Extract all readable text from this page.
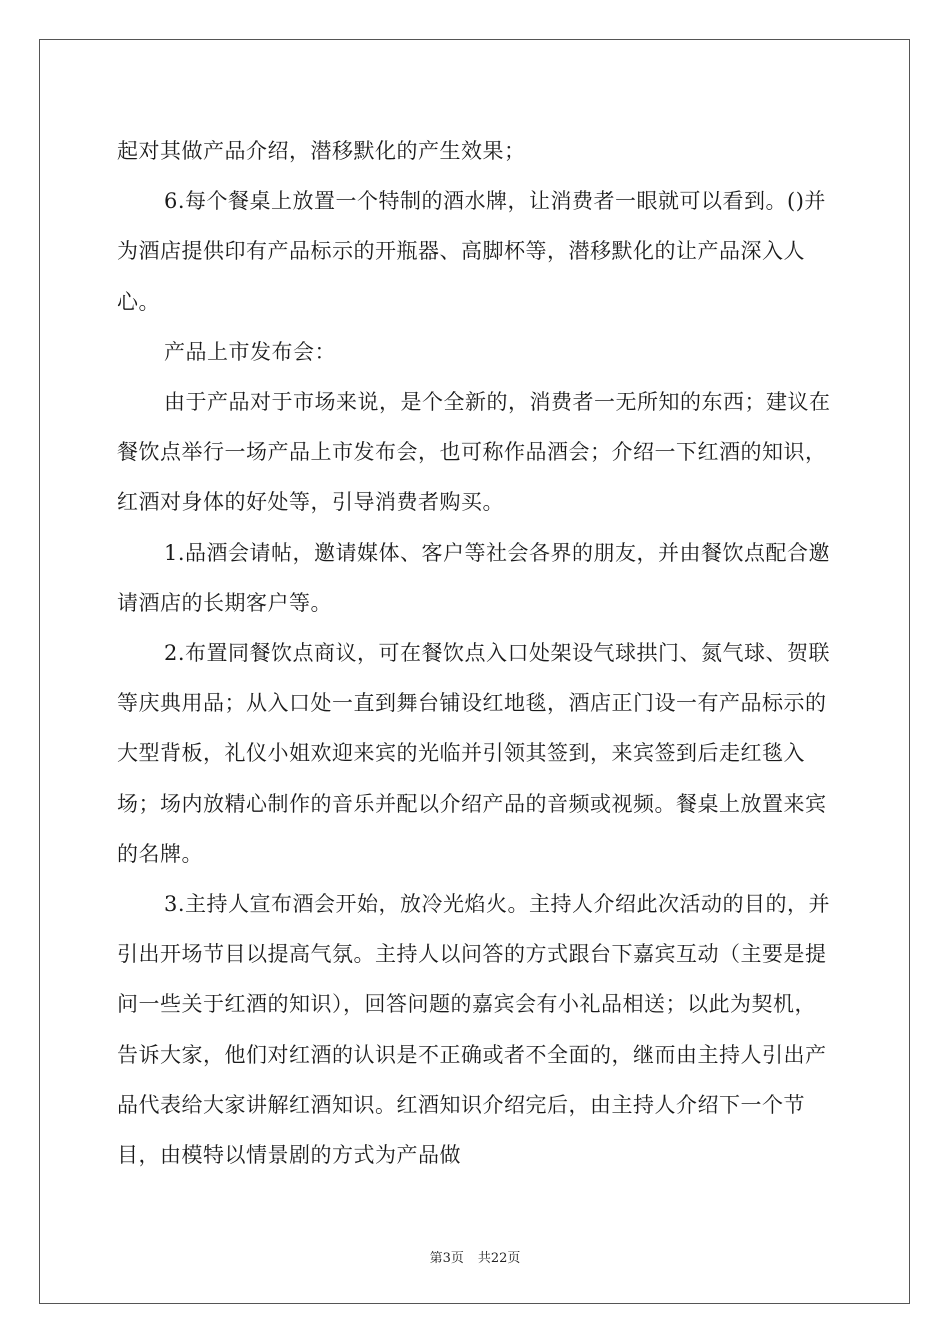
起对其做产品介绍，潜移默化的产生效果；

6.每个餐桌上放置一个特制的酒水牌，让消费者一眼就可以看到。()并为酒店提供印有产品标示的开瓶器、高脚杯等，潜移默化的让产品深入人心。

产品上市发布会：

由于产品对于市场来说，是个全新的，消费者一无所知的东西；建议在餐饮点举行一场产品上市发布会，也可称作品酒会；介绍一下红酒的知识，红酒对身体的好处等，引导消费者购买。

1.品酒会请帖，邀请媒体、客户等社会各界的朋友，并由餐饮点配合邀请酒店的长期客户等。

2.布置同餐饮点商议，可在餐饮点入口处架设气球拱门、氮气球、贺联等庆典用品；从入口处一直到舞台铺设红地毯，酒店正门设一有产品标示的大型背板，礼仪小姐欢迎来宾的光临并引领其签到，来宾签到后走红毯入场；场内放精心制作的音乐并配以介绍产品的音频或视频。餐桌上放置来宾的名牌。

3.主持人宣布酒会开始，放冷光焰火。主持人介绍此次活动的目的，并引出开场节目以提高气氛。主持人以问答的方式跟台下嘉宾互动（主要是提问一些关于红酒的知识），回答问题的嘉宾会有小礼品相送；以此为契机，告诉大家，他们对红酒的认识是不正确或者不全面的，继而由主持人引出产品代表给大家讲解红酒知识。红酒知识介绍完后，由主持人介绍下一个节目，由模特以情景剧的方式为产品做

第3页 共22页
